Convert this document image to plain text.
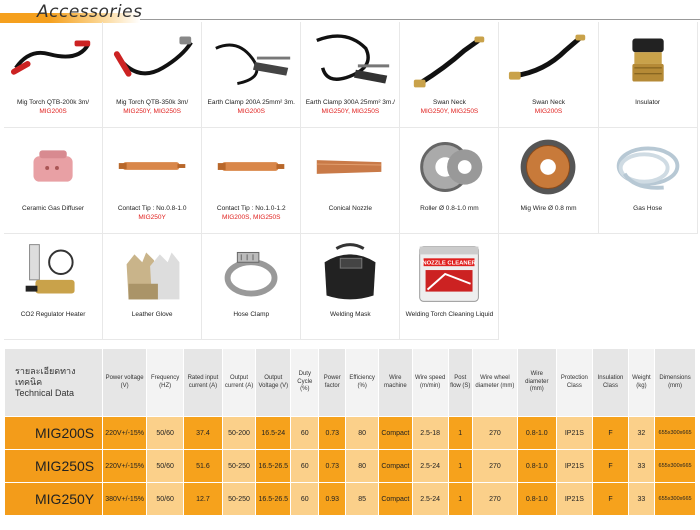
Accessories
Mig Torch QTB-200k 3m/
MIG200S
Mig Torch QTB-350k 3m/
MIG250Y, MIG250S
Earth Clamp 200A 25mm² 3m.
MIG200S
Earth Clamp 300A 25mm² 3m./
MIG250Y, MIG250S
Swan Neck
MIG250Y, MIG250S
Swan Neck
MIG200S
Insulator
Ceramic Gas Diffuser	Contact Tip : No.0.8-1.0
MIG250Y
Contact Tip : No.1.0-1.2
MIG200S, MIG250S
Conical Nozzle	Roller Ø 0.8-1.0 mm	Mig Wire Ø 0.8 mm	Gas Hose
CO2 Regulator Heater	Leather Glove	Hose Clamp	Welding Mask
NOZZLE CLEANER
Welding Torch Cleaning Liquid
รายละเอียดทางเทคนิค
Technical Data	Power voltage (V)	Frequency (HZ)	Rated input current (A)	Output current (A)	Output Voltage (V)	Duty Cycle (%)	Power factor	Efficiency (%)	Wire machine	Wire speed (m/min)	Post flow (S)	Wire wheel diameter (mm)	Wire diameter (mm)	Protection Class	Insulation Class	Weight (kg)	Dimensions (mm)
MIG200S	220V+/-15%	50/60	37.4	50-200	16.5-24	60	0.73	80	Compact	2.5-18	1	270	0.8-1.0	IP21S	F	32	655x300x665
MIG250S	220V+/-15%	50/60	51.6	50-250	16.5-26.5	60	0.73	80	Compact	2.5-24	1	270	0.8-1.0	IP21S	F	33	655x300x665
MIG250Y	380V+/-15%	50/60	12.7	50-250	16.5-26.5	60	0.93	85	Compact	2.5-24	1	270	0.8-1.0	IP21S	F	33	655x300x665
